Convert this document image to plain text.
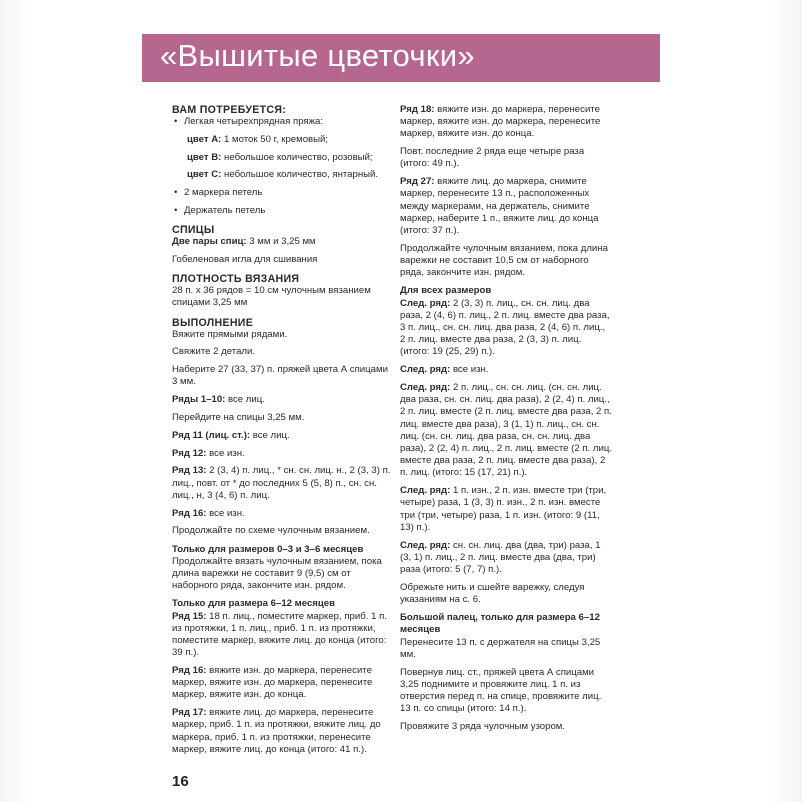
«Вышитые цветочки»
ВАМ ПОТРЕБУЕТСЯ:
• Легкая четырехпрядная пряжа:
цвет A: 1 моток 50 г, кремовый;
цвет B: небольшое количество, розовый;
цвет C: небольшое количество, янтарный.
• 2 маркера петель
• Держатель петель
СПИЦЫ
Две пары спиц: 3 мм и 3,25 мм
Гобеленовая игла для сшивания
ПЛОТНОСТЬ ВЯЗАНИЯ
28 п. x 36 рядов = 10 см чулочным вязанием спицами 3,25 мм
ВЫПОЛНЕНИЕ
Вяжите прямыми рядами.
Свяжите 2 детали.
Наберите 27 (33, 37) п. пряжей цвета А спицами 3 мм.
Ряды 1–10: все лиц.
Перейдите на спицы 3,25 мм.
Ряд 11 (лиц. ст.): все лиц.
Ряд 12: все изн.
Ряд 13: 2 (3, 4) п. лиц., * сн. сн. лиц. н., 2 (3, 3) п. лиц., повт. от * до последних 5 (5, 8) п., сн. сн. лиц., н, 3 (4, 6) п. лиц.
Ряд 16: все изн.
Продолжайте по схеме чулочным вязанием.
Только для размеров 0–3 и 3–6 месяцев
Продолжайте вязать чулочным вязанием, пока длина варежки не составит 9 (9,5) см от наборного ряда, закончите изн. рядом.
Только для размера 6–12 месяцев
Ряд 15: 18 п. лиц., поместите маркер, приб. 1 п. из протяжки, 1 п. лиц., приб. 1 п. из протяжки, поместите маркер, вяжите лиц. до конца (итого: 39 п.).
Ряд 16: вяжите изн. до маркера, перенесите маркер, вяжите изн. до маркера, перенесите маркер, вяжите изн. до конца.
Ряд 17: вяжите лиц. до маркера, перенесите маркер, приб. 1 п. из протяжки, вяжите лиц. до маркера, приб. 1 п. из протяжки, перенесите маркер, вяжите лиц. до конца (итого: 41 п.).
Ряд 18: вяжите изн. до маркера, перенесите маркер, вяжите изн. до маркера, перенесите маркер, вяжите изн. до конца.
Повт. последние 2 ряда еще четыре раза (итого: 49 п.).
Ряд 27: вяжите лиц. до маркера, снимите маркер, перенесите 13 п., расположенных между маркерами, на держатель, снимите маркер, наберите 1 п., вяжите лиц. до конца (итого: 37 п.).
Продолжайте чулочным вязанием, пока длина варежки не составит 10,5 см от наборного ряда, закончите изн. рядом.
Для всех размеров
След. ряд: 2 (3, 3) п. лиц., сн. сн. лиц. два раза, 2 (4, 6) п. лиц., 2 п. лиц. вместе два раза, 3 п. лиц., сн. сн. лиц. два раза, 2 (4, 6) п. лиц., 2 п. лиц. вместе два раза, 2 (3, 3) п. лиц. (итого: 19 (25, 29) п.).
След. ряд: все изн.
След. ряд: 2 п. лиц., сн. сн. лиц. (сн. сн. лиц. два раза, сн. сн. лиц. два раза), 2 (2, 4) п. лиц., 2 п. лиц. вместе (2 п. лиц. вместе два раза, 2 п. лиц. вместе два раза), 3 (1, 1) п. лиц., сн. сн. лиц. (сн. сн. лиц. два раза, сн. сн. лиц. два раза), 2 (2, 4) п. лиц., 2 п. лиц. вместе (2 п. лиц. вместе два раза, 2 п. лиц. вместе два раза), 2 п. лиц. (итого: 15 (17, 21) п.).
След. ряд: 1 п. изн., 2 п. изн. вместе три (три, четыре) раза, 1 (3, 3) п. изн., 2 п. изн. вместе три (три, четыре) раза, 1 п. изн. (итого: 9 (11, 13) п.).
След. ряд: сн. сн. лиц. два (два, три) раза, 1 (3, 1) п. лиц., 2 п. лиц. вместе два (два, три) раза (итого: 5 (7, 7) п.).
Обрежьте нить и сшейте варежку, следуя указаниям на с. 6.
Большой палец, только для размера 6–12 месяцев
Перенесите 13 п. с держателя на спицы 3,25 мм.
Повернув лиц. ст., пряжей цвета А спицами 3,25 поднимите и провяжите лиц. 1 п. из отверстия перед п. на спице, провяжите лиц. 13 п. со спицы (итого: 14 п.).
Провяжите 3 ряда чулочным узором.
16
